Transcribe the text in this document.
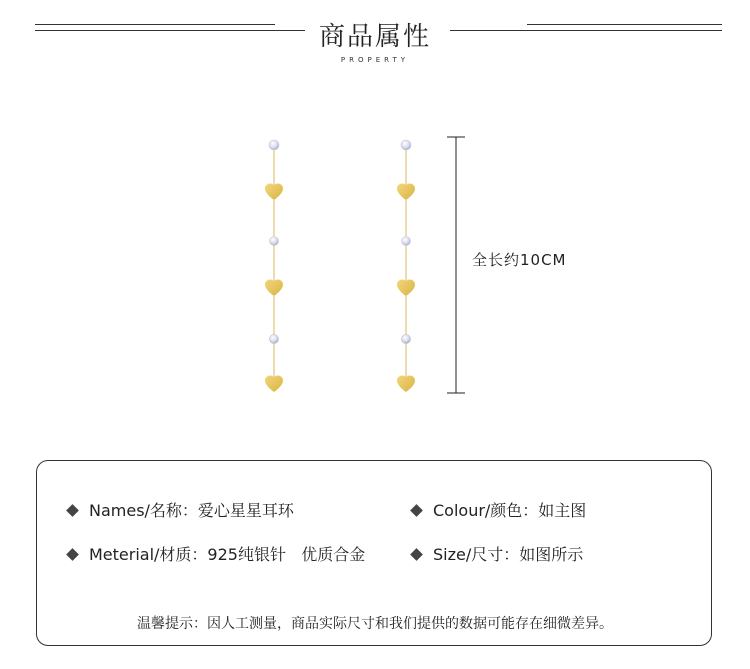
商品属性
PROPERTY
全长约10CM
Names/名称：爱心星星耳环	Colour/颜色：如主图
Meterial/材质：925纯银针   优质合金	Size/尺寸：如图所示
温馨提示：因人工测量，商品实际尺寸和我们提供的数据可能存在细微差异。
